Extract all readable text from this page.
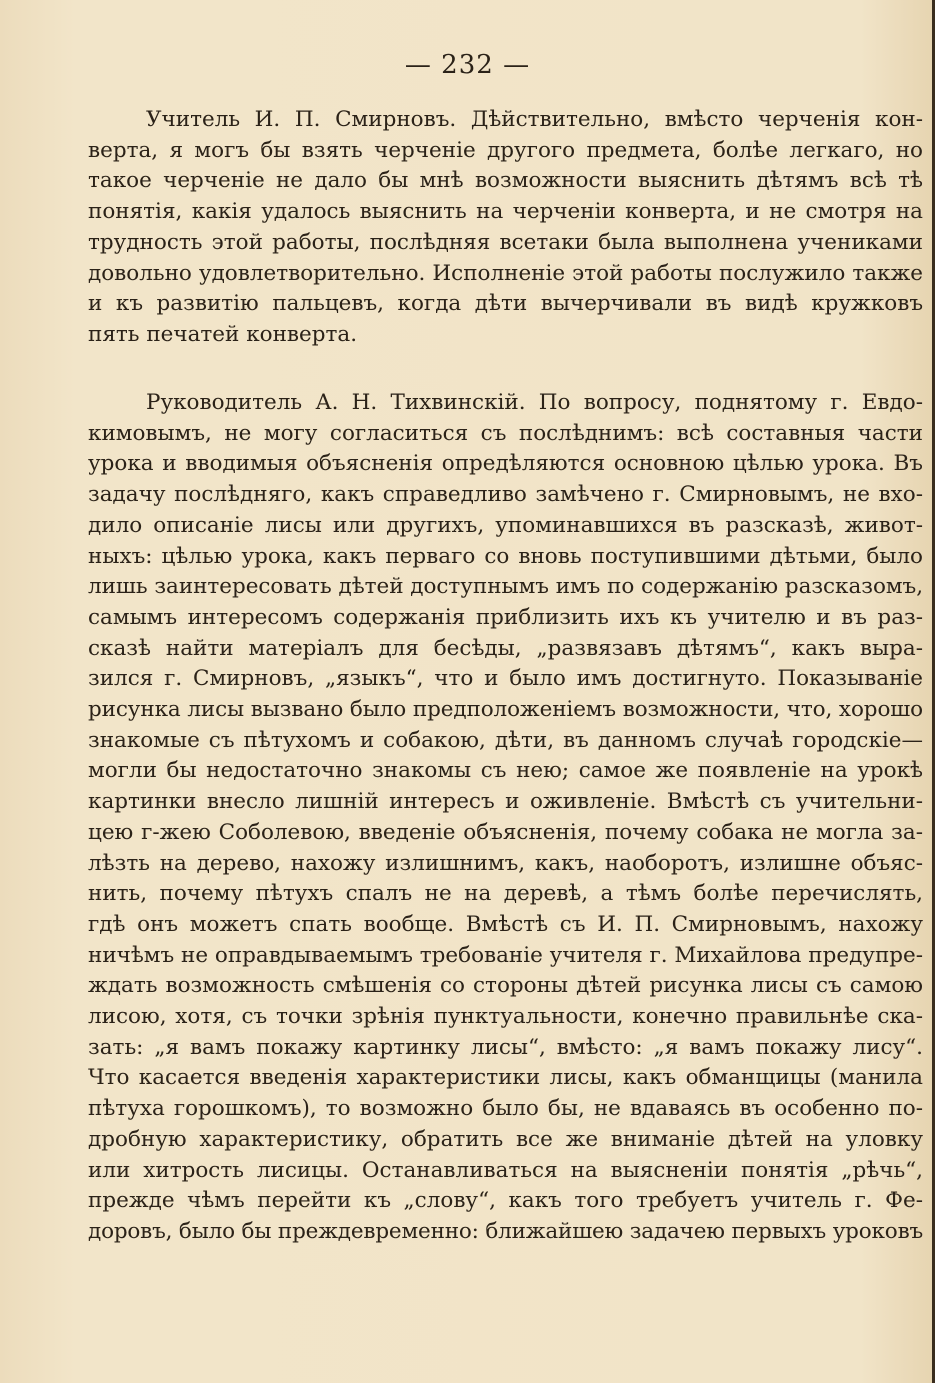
— 232 —
Учитель И. П. Смирновъ. Дѣйствительно, вмѣсто черченія кон-
верта, я могъ бы взять черченіе другого предмета, болѣе легкаго, но
такое черченіе не дало бы мнѣ возможности выяснить дѣтямъ всѣ тѣ
понятія, какія удалось выяснить на черченіи конверта, и не смотря на
трудность этой работы, послѣдняя всетаки была выполнена учениками
довольно удовлетворительно. Исполненіе этой работы послужило также
и къ развитію пальцевъ, когда дѣти вычерчивали въ видѣ кружковъ
пять печатей конверта.
Руководитель А. Н. Тихвинскій. По вопросу, поднятому г. Евдо-
кимовымъ, не могу согласиться съ послѣднимъ: всѣ составныя части
урока и вводимыя объясненія опредѣляются основною цѣлью урока. Въ
задачу послѣдняго, какъ справедливо замѣчено г. Смирновымъ, не вхо-
дило описаніе лисы или другихъ, упоминавшихся въ разсказѣ, живот-
ныхъ: цѣлью урока, какъ перваго со вновь поступившими дѣтьми, было
лишь заинтересовать дѣтей доступнымъ имъ по содержанію разсказомъ,
самымъ интересомъ содержанія приблизить ихъ къ учителю и въ раз-
сказѣ найти матеріалъ для бесѣды, „развязавъ дѣтямъ“, какъ выра-
зился г. Смирновъ, „языкъ“, что и было имъ достигнуто. Показываніе
рисунка лисы вызвано было предположеніемъ возможности, что, хорошо
знакомые съ пѣтухомъ и собакою, дѣти, въ данномъ случаѣ городскіе—
могли бы недостаточно знакомы съ нею; самое же появленіе на урокѣ
картинки внесло лишній интересъ и оживленіе. Вмѣстѣ съ учительни-
цею г-жею Соболевою, введеніе объясненія, почему собака не могла за-
лѣзть на дерево, нахожу излишнимъ, какъ, наоборотъ, излишне объяс-
нить, почему пѣтухъ спалъ не на деревѣ, а тѣмъ болѣе перечислять,
гдѣ онъ можетъ спать вообще. Вмѣстѣ съ И. П. Смирновымъ, нахожу
ничѣмъ не оправдываемымъ требованіе учителя г. Михайлова предупре-
ждать возможность смѣшенія со стороны дѣтей рисунка лисы съ самою
лисою, хотя, съ точки зрѣнія пунктуальности, конечно правильнѣе ска-
зать: „я вамъ покажу картинку лисы“, вмѣсто: „я вамъ покажу лису“.
Что касается введенія характеристики лисы, какъ обманщицы (манила
пѣтуха горошкомъ), то возможно было бы, не вдаваясь въ особенно по-
дробную характеристику, обратить все же вниманіе дѣтей на уловку
или хитрость лисицы. Останавливаться на выясненіи понятія „рѣчь“,
прежде чѣмъ перейти къ „слову“, какъ того требуетъ учитель г. Фе-
доровъ, было бы преждевременно: ближайшею задачею первыхъ уроковъ
